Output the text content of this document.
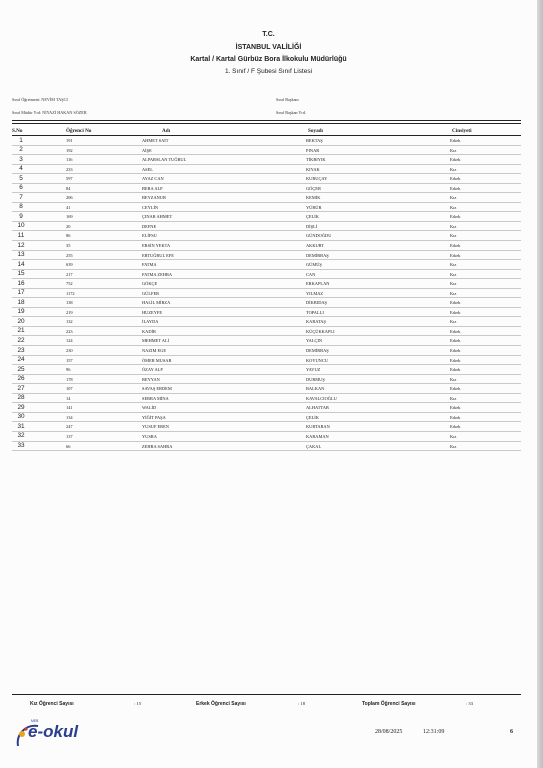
T.C.
İSTANBUL VALİLİĞİ
Kartal / Kartal Gürbüz Bora İlkokulu Müdürlüğü
1. Sınıf / F Şubesi Sınıf Listesi
Sınıf Öğretmeni: NEVİM TAŞCI
Sınıf Müdür Yrd: NİYAZİ HAKAN SÖZER
Sınıf Başkanı
Sınıf Başkan Yrd.
S.No	Öğrenci No	Adı	Soyadı	Cinsiyeti
1	191	AHMET SAİT	BEKTAŞ	Erkek
2	192	AİŞE	PINAR	Kız
3	116	ALPARSLAN TUĞRUL	TİKBIYIK	Erkek
4	233	ASEL	KIYAK	Kız
5	597	AYAZ CAN	KURUÇAY	Erkek
6	84	BERA ALP	GÖÇER	Erkek
7	206	BEYZANUR	KEMİK	Kız
8	41	CEYLİN	YÜRÜR	Kız
9	169	ÇINAR AHMET	ÇELİK	Erkek
10	20	DEFNE	DİŞLİ	Kız
11	86	ELİFSU	GÜNDOĞDU	Kız
12	35	ERSİN YEKTA	AKKURT	Erkek
13	255	ERTUĞRUL EFE	DEMİRBAŞ	Erkek
14	639	FATMA	GÜMÜŞ	Kız
15	217	FATMA ZEHRA	CAN	Kız
16	752	GÖKÇE	ERKAPLAN	Kız
17	1172	GÜLFER	YILMAZ	Kız
18	138	HALİL MİRZA	DİKBIDAŞ	Erkek
19	219	HUZEYFE	TOPALLI	Erkek
20	132	İLAYDA	KARATAŞ	Kız
21	223	KADİR	KÜÇÜKKAPLI	Erkek
22	124	MEHMET ALİ	YALÇIN	Erkek
23	230	NAZIM EGE	DEMİRBAŞ	Erkek
24	157	ÖMER MUSAB	KOYUNCU	Erkek
25	96	ÖZAY ALP	YAVUZ	Erkek
26	178	REYYAN	DURMUŞ	Kız
27	107	SAVAŞ ERDEM	BALKAN	Erkek
28	14	SERRA MİNA	KAVALCIOĞLU	Kız
29	141	WALİD	ALHATTAB	Erkek
30	134	YİĞİT PAŞA	ÇELİK	Erkek
31	247	YUSUF EREN	KURTARAN	Erkek
32	137	YUSRA	KARAMAN	Kız
33	66	ZEHRA SAHRA	ÇAKAL	Kız
Kız Öğrenci Sayısı	: 15	Erkek Öğrenci Sayısı	: 18	Toplam Öğrenci Sayısı	: 33
MEB
e-okul	28/08/2025	12:31:09	6
